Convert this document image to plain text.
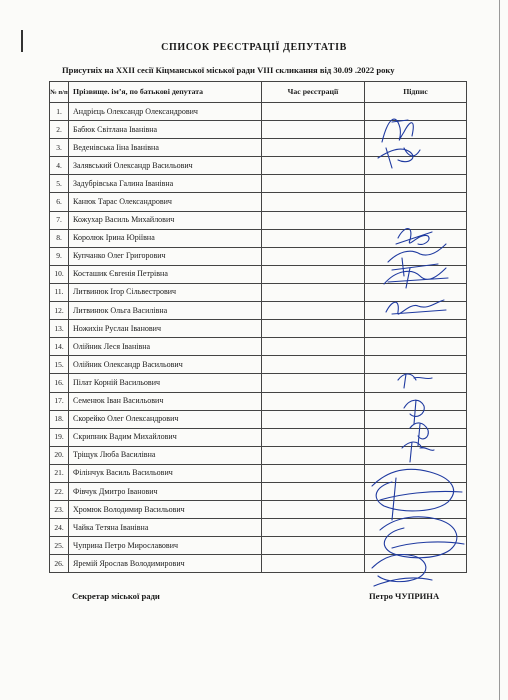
СПИСОК РЕЄСТРАЦІЇ ДЕПУТАТІВ
Присутніх на ХХІІ сесії Кіцманської міської ради VIII скликання від 30.09 .2022 року
№ п/п	Прізвище. ім’я, по батькові депутата	Час реєстрації	Підпис
1.	Андрієць Олександр Олександрович		
2.	Бабюк Світлана Іванівна		
3.	Веденівська Ііна Іванівна		
4.	Залявський Олександр Васильович		
5.	Задубрівська Галина Іванівна		
6.	Канюк Тарас Олександрович		
7.	Кожухар Василь Михайлович		
8.	Королюк Ірина Юріївна		
9.	Купчанко Олег Григорович		
10.	Косташик Євгенія Петрівна		
11.	Литвинюк Ігор Сільвестрович		
12.	Литвинюк Ольга Василівна		
13.	Ножихін Руслан Іванович		
14.	Олійник Леся Іванівна		
15.	Олійник Олександр Васильович		
16.	Пілат Корній Васильович		
17.	Семенюк Іван Васильович		
18.	Скорейко Олег Олександрович		
19.	Скрипник Вадим Михайлович		
20.	Тріщук Люба Василівна		
21.	Філінчук Василь Васильович		
22.	Фівчук Дмитро Іванович		
23.	Хромюк Володимир Васильович		
24.	Чайка Тетяна Іванівна		
25.	Чуприна Петро Мирославович		
26.	Яремій Ярослав Володимирович		
Секретар міської ради	Петро ЧУПРИНА
